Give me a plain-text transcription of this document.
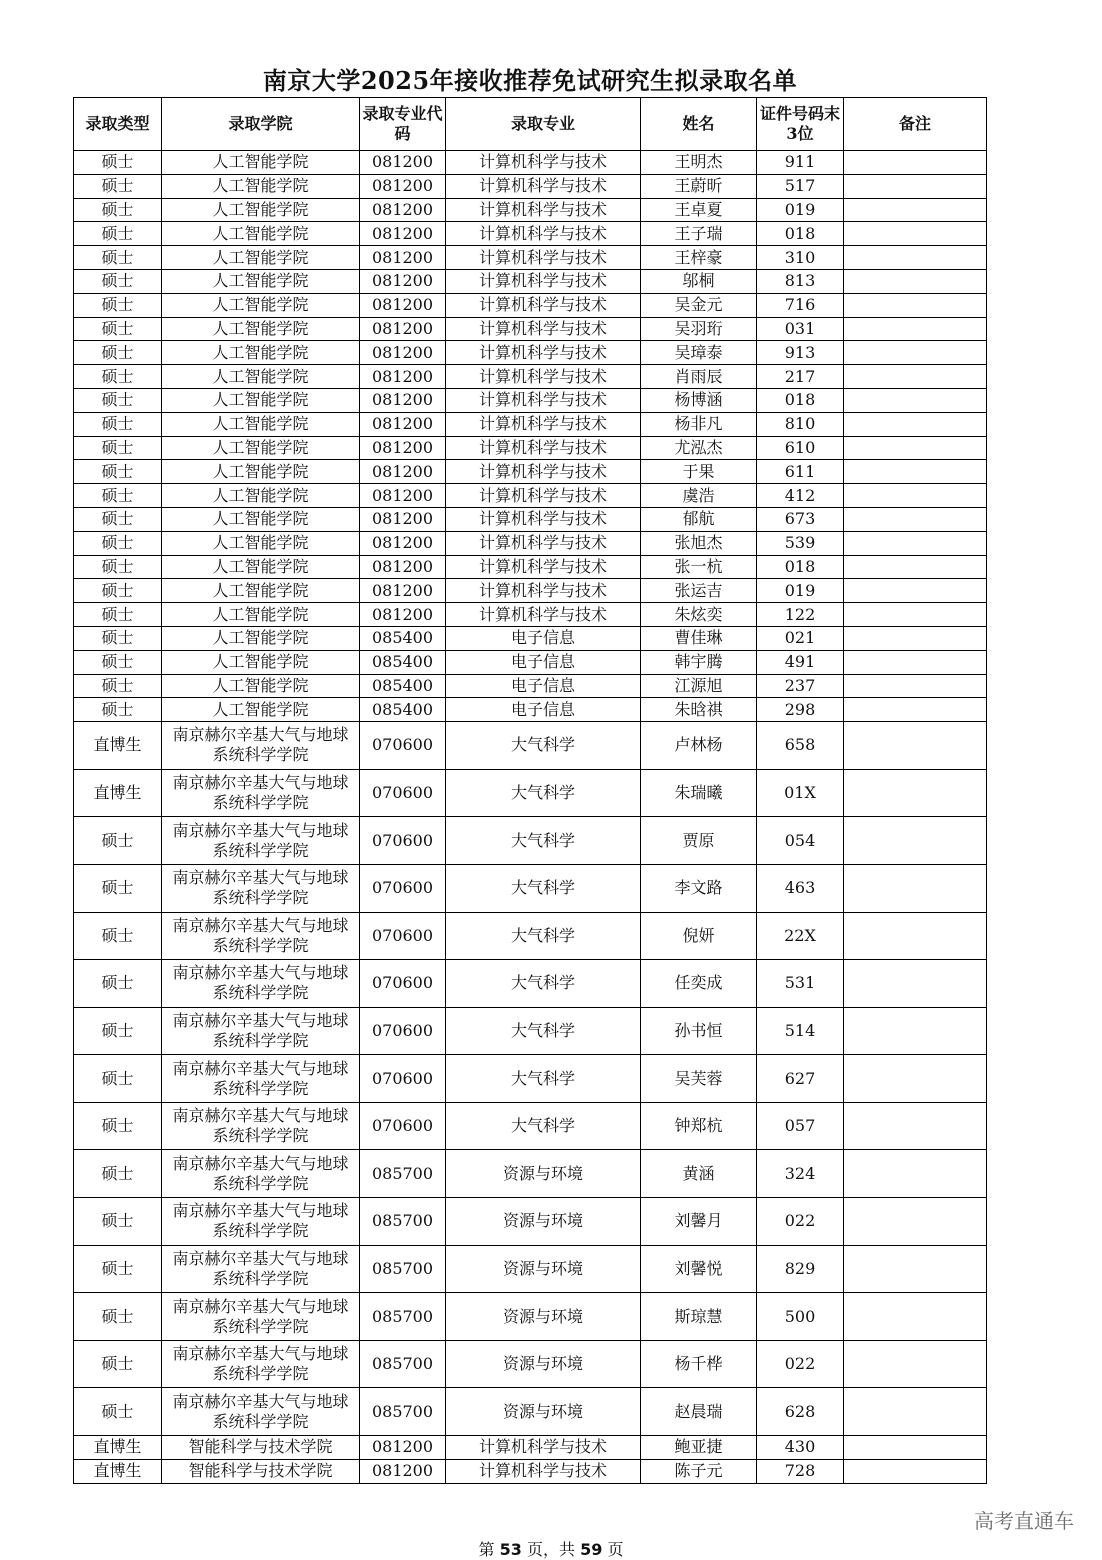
南京大学2025年接收推荐免试研究生拟录取名单
录取类型	录取学院	录取专业代码	录取专业	姓名	证件号码末3位	备注
硕士	人工智能学院	081200	计算机科学与技术	王明杰	911	
硕士	人工智能学院	081200	计算机科学与技术	王蔚昕	517	
硕士	人工智能学院	081200	计算机科学与技术	王卓夏	019	
硕士	人工智能学院	081200	计算机科学与技术	王子瑞	018	
硕士	人工智能学院	081200	计算机科学与技术	王梓豪	310	
硕士	人工智能学院	081200	计算机科学与技术	邬桐	813	
硕士	人工智能学院	081200	计算机科学与技术	吴金元	716	
硕士	人工智能学院	081200	计算机科学与技术	吴羽珩	031	
硕士	人工智能学院	081200	计算机科学与技术	吴璋泰	913	
硕士	人工智能学院	081200	计算机科学与技术	肖雨辰	217	
硕士	人工智能学院	081200	计算机科学与技术	杨博涵	018	
硕士	人工智能学院	081200	计算机科学与技术	杨非凡	810	
硕士	人工智能学院	081200	计算机科学与技术	尤泓杰	610	
硕士	人工智能学院	081200	计算机科学与技术	于果	611	
硕士	人工智能学院	081200	计算机科学与技术	虞浩	412	
硕士	人工智能学院	081200	计算机科学与技术	郁航	673	
硕士	人工智能学院	081200	计算机科学与技术	张旭杰	539	
硕士	人工智能学院	081200	计算机科学与技术	张一杭	018	
硕士	人工智能学院	081200	计算机科学与技术	张运吉	019	
硕士	人工智能学院	081200	计算机科学与技术	朱炫奕	122	
硕士	人工智能学院	085400	电子信息	曹佳琳	021	
硕士	人工智能学院	085400	电子信息	韩宇腾	491	
硕士	人工智能学院	085400	电子信息	江源旭	237	
硕士	人工智能学院	085400	电子信息	朱晗祺	298	
直博生	南京赫尔辛基大气与地球系统科学学院	070600	大气科学	卢林杨	658	
直博生	南京赫尔辛基大气与地球系统科学学院	070600	大气科学	朱瑞曦	01X	
硕士	南京赫尔辛基大气与地球系统科学学院	070600	大气科学	贾原	054	
硕士	南京赫尔辛基大气与地球系统科学学院	070600	大气科学	李文路	463	
硕士	南京赫尔辛基大气与地球系统科学学院	070600	大气科学	倪妍	22X	
硕士	南京赫尔辛基大气与地球系统科学学院	070600	大气科学	任奕成	531	
硕士	南京赫尔辛基大气与地球系统科学学院	070600	大气科学	孙书恒	514	
硕士	南京赫尔辛基大气与地球系统科学学院	070600	大气科学	吴芙蓉	627	
硕士	南京赫尔辛基大气与地球系统科学学院	070600	大气科学	钟郑杭	057	
硕士	南京赫尔辛基大气与地球系统科学学院	085700	资源与环境	黄涵	324	
硕士	南京赫尔辛基大气与地球系统科学学院	085700	资源与环境	刘馨月	022	
硕士	南京赫尔辛基大气与地球系统科学学院	085700	资源与环境	刘馨悦	829	
硕士	南京赫尔辛基大气与地球系统科学学院	085700	资源与环境	斯琼慧	500	
硕士	南京赫尔辛基大气与地球系统科学学院	085700	资源与环境	杨千桦	022	
硕士	南京赫尔辛基大气与地球系统科学学院	085700	资源与环境	赵晨瑞	628	
直博生	智能科学与技术学院	081200	计算机科学与技术	鲍亚捷	430	
直博生	智能科学与技术学院	081200	计算机科学与技术	陈子元	728	
第 53 页，共 59 页
高考直通车
